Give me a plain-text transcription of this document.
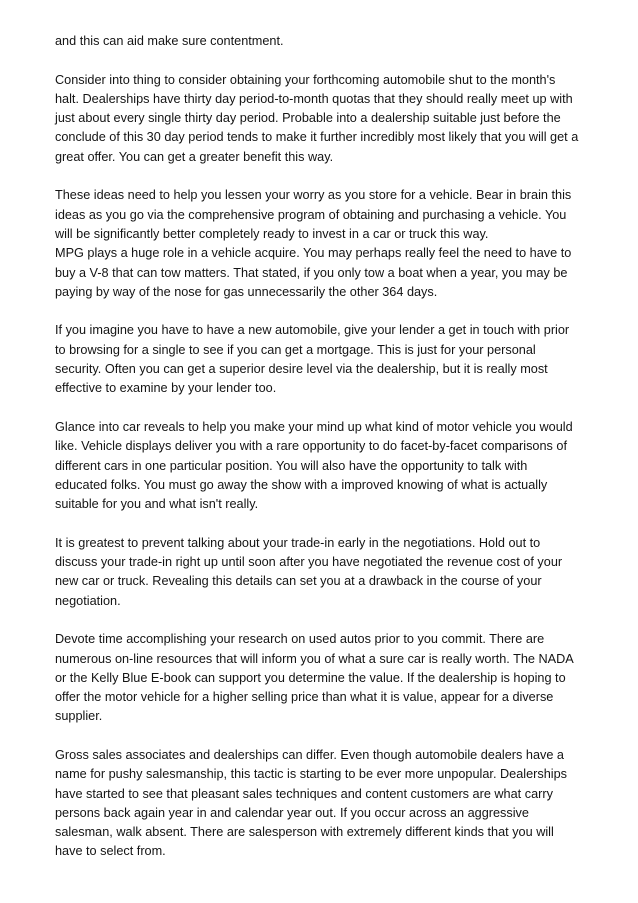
and this can aid make sure contentment.

Consider into thing to consider obtaining your forthcoming automobile shut to the month's
halt. Dealerships have thirty day period-to-month quotas that they should really meet up with
just about every single thirty day period. Probable into a dealership suitable just before the
conclude of this 30 day period tends to make it further incredibly most likely that you will get a
great offer. You can get a greater benefit this way.

These ideas need to help you lessen your worry as you store for a vehicle. Bear in brain this
ideas as you go via the comprehensive program of obtaining and purchasing a vehicle. You
will be significantly better completely ready to invest in a car or truck this way.

MPG plays a huge role in a vehicle acquire. You may perhaps really feel the need to have to
buy a V-8 that can tow matters. That stated, if you only tow a boat when a year, you may be
paying by way of the nose for gas unnecessarily the other 364 days.

If you imagine you have to have a new automobile, give your lender a get in touch with prior
to browsing for a single to see if you can get a mortgage. This is just for your personal
security. Often you can get a superior desire level via the dealership, but it is really most
effective to examine by your lender too.

Glance into car reveals to help you make your mind up what kind of motor vehicle you would
like. Vehicle displays deliver you with a rare opportunity to do facet-by-facet comparisons of
different cars in one particular position. You will also have the opportunity to talk with
educated folks. You must go away the show with a improved knowing of what is actually
suitable for you and what isn't really.

It is greatest to prevent talking about your trade-in early in the negotiations. Hold out to
discuss your trade-in right up until soon after you have negotiated the revenue cost of your
new car or truck. Revealing this details can set you at a drawback in the course of your
negotiation.

Devote time accomplishing your research on used autos prior to you commit. There are
numerous on-line resources that will inform you of what a sure car is really worth. The NADA
or the Kelly Blue E-book can support you determine the value. If the dealership is hoping to
offer the motor vehicle for a higher selling price than what it is value, appear for a diverse
supplier.

Gross sales associates and dealerships can differ. Even though automobile dealers have a
name for pushy salesmanship, this tactic is starting to be ever more unpopular. Dealerships
have started to see that pleasant sales techniques and content customers are what carry
persons back again year in and calendar year out. If you occur across an aggressive
salesman, walk absent. There are salesperson with extremely different kinds that you will
have to select from.
